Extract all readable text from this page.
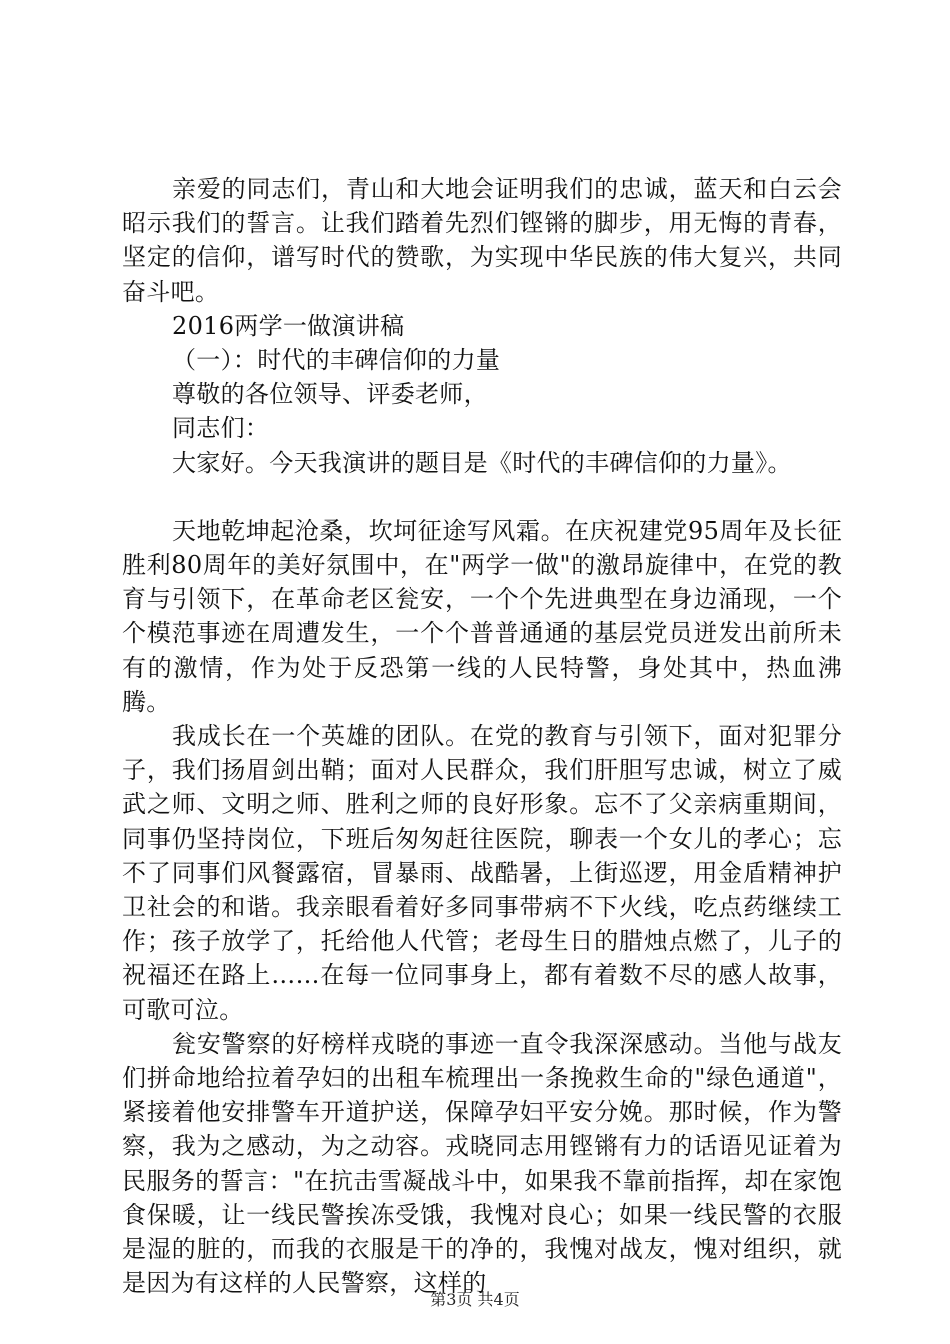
亲爱的同志们，青山和大地会证明我们的忠诚，蓝天和白云会昭示我们的誓言。让我们踏着先烈们铿锵的脚步，用无悔的青春，坚定的信仰，谱写时代的赞歌，为实现中华民族的伟大复兴，共同奋斗吧。

2016两学一做演讲稿

（一）：时代的丰碑信仰的力量

尊敬的各位领导、评委老师，

同志们：

大家好。今天我演讲的题目是《时代的丰碑信仰的力量》。

天地乾坤起沧桑，坎坷征途写风霜。在庆祝建党95周年及长征胜利80周年的美好氛围中，在"两学一做"的激昂旋律中，在党的教育与引领下，在革命老区瓮安，一个个先进典型在身边涌现，一个个模范事迹在周遭发生，一个个普普通通的基层党员迸发出前所未有的激情，作为处于反恐第一线的人民特警，身处其中，热血沸腾。

我成长在一个英雄的团队。在党的教育与引领下，面对犯罪分子，我们扬眉剑出鞘；面对人民群众，我们肝胆写忠诚，树立了威武之师、文明之师、胜利之师的良好形象。忘不了父亲病重期间，同事仍坚持岗位，下班后匆匆赶往医院，聊表一个女儿的孝心；忘不了同事们风餐露宿，冒暴雨、战酷暑，上街巡逻，用金盾精神护卫社会的和谐。我亲眼看着好多同事带病不下火线，吃点药继续工作；孩子放学了，托给他人代管；老母生日的腊烛点燃了，儿子的祝福还在路上……在每一位同事身上，都有着数不尽的感人故事，可歌可泣。

瓮安警察的好榜样戎晓的事迹一直令我深深感动。当他与战友们拼命地给拉着孕妇的出租车梳理出一条挽救生命的"绿色通道"，紧接着他安排警车开道护送，保障孕妇平安分娩。那时候，作为警察，我为之感动，为之动容。戎晓同志用铿锵有力的话语见证着为民服务的誓言："在抗击雪凝战斗中，如果我不靠前指挥，却在家饱食保暖，让一线民警挨冻受饿，我愧对良心；如果一线民警的衣服是湿的脏的，而我的衣服是干的净的，我愧对战友，愧对组织，就是因为有这样的人民警察，这样的

第3页 共4页
